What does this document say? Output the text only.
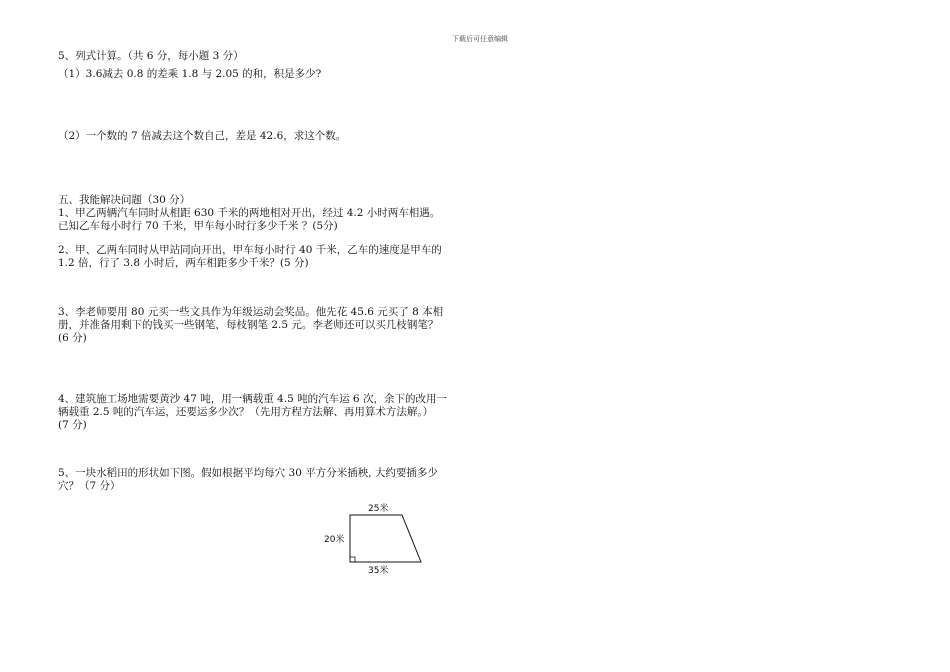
下载后可任意编辑
5、列式计算。（共 6 分，每小题 3 分）
（1）3.6减去 0.8 的差乘 1.8 与 2.05 的和，积是多少?
（2）一个数的 7 倍减去这个数自己，差是 42.6，求这个数。
五、我能解决问题（30 分）
1、甲乙两辆汽车同时从相距 630 千米的两地相对开出，经过 4.2 小时两车相遇。
已知乙车每小时行 70 千米，甲车每小时行多少千米 ？(5分)
2、甲、乙两车同时从甲站同向开出，甲车每小时行 40 千米，乙车的速度是甲车的
1.2 倍，行了 3.8 小时后，两车相距多少千米？(5 分)
3、李老师要用 80 元买一些文具作为年级运动会奖品。他先花 45.6 元买了 8 本相
册，并准备用剩下的钱买一些钢笔，每枝钢笔 2.5 元。李老师还可以买几枝钢笔？
(6 分)
4、建筑施工场地需要黄沙 47 吨，用一辆载重 4.5 吨的汽车运 6 次，余下的改用一
辆载重 2.5 吨的汽车运，还要运多少次？（先用方程方法解、再用算术方法解。）
(7 分)
5、一块水稻田的形状如下图。假如根据平均每穴 30 平方分米插秧, 大约要插多少
穴？（7 分）
25米
20米
35米
